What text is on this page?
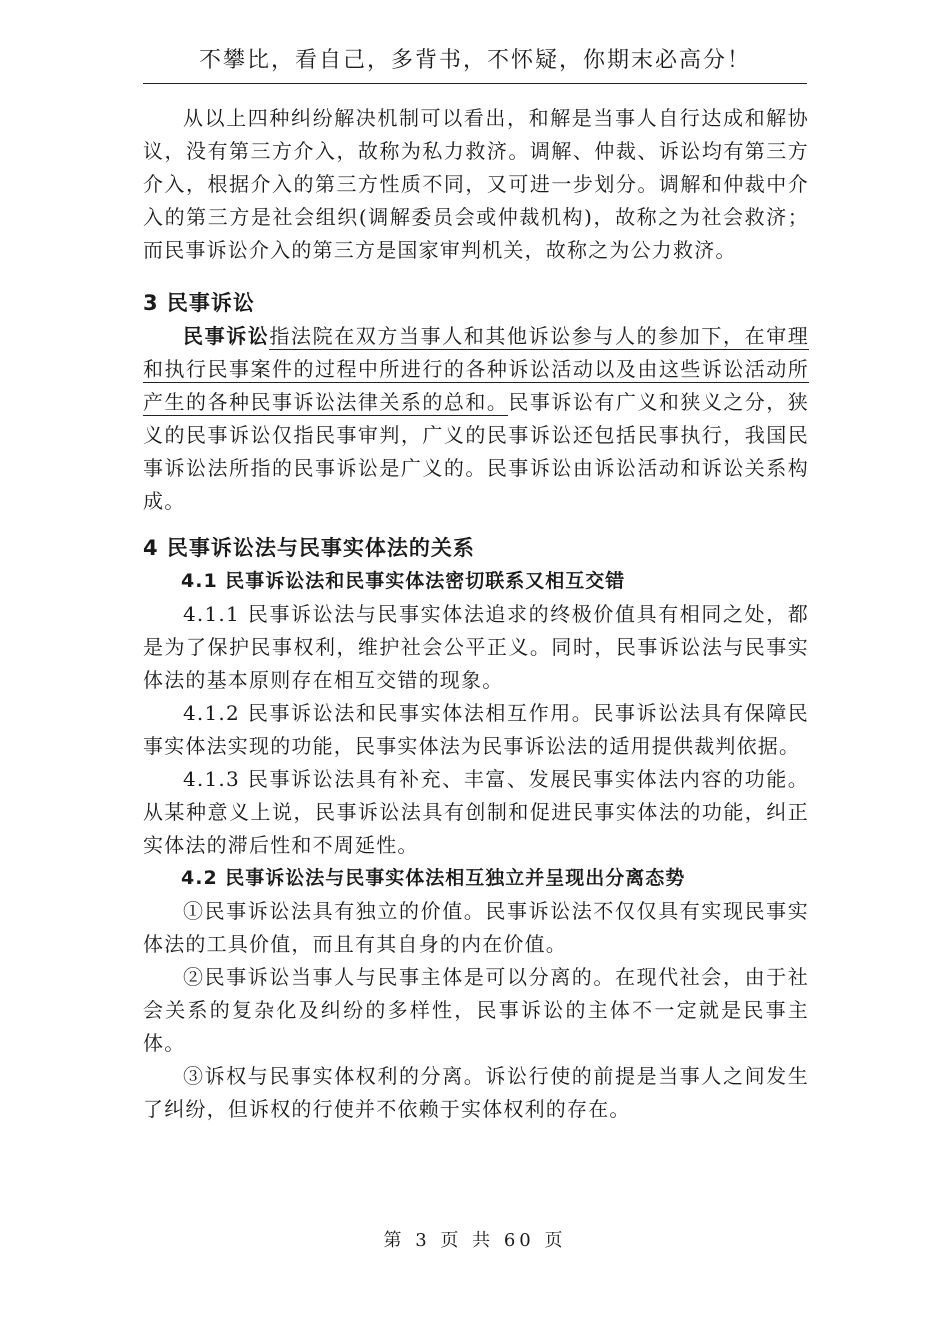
不攀比，看自己，多背书，不怀疑，你期末必高分！

从以上四种纠纷解决机制可以看出，和解是当事人自行达成和解协议，没有第三方介入，故称为私力救济。调解、仲裁、诉讼均有第三方介入，根据介入的第三方性质不同，又可进一步划分。调解和仲裁中介入的第三方是社会组织(调解委员会或仲裁机构)，故称之为社会救济；而民事诉讼介入的第三方是国家审判机关，故称之为公力救济。

3 民事诉讼

民事诉讼指法院在双方当事人和其他诉讼参与人的参加下，在审理和执行民事案件的过程中所进行的各种诉讼活动以及由这些诉讼活动所产生的各种民事诉讼法律关系的总和。民事诉讼有广义和狭义之分，狭义的民事诉讼仅指民事审判，广义的民事诉讼还包括民事执行，我国民事诉讼法所指的民事诉讼是广义的。民事诉讼由诉讼活动和诉讼关系构成。

4 民事诉讼法与民事实体法的关系
4.1 民事诉讼法和民事实体法密切联系又相互交错

4.1.1 民事诉讼法与民事实体法追求的终极价值具有相同之处，都是为了保护民事权利，维护社会公平正义。同时，民事诉讼法与民事实体法的基本原则存在相互交错的现象。

4.1.2 民事诉讼法和民事实体法相互作用。民事诉讼法具有保障民事实体法实现的功能，民事实体法为民事诉讼法的适用提供裁判依据。

4.1.3 民事诉讼法具有补充、丰富、发展民事实体法内容的功能。从某种意义上说，民事诉讼法具有创制和促进民事实体法的功能，纠正实体法的滞后性和不周延性。

4.2 民事诉讼法与民事实体法相互独立并呈现出分离态势

①民事诉讼法具有独立的价值。民事诉讼法不仅仅具有实现民事实体法的工具价值，而且有其自身的内在价值。

②民事诉讼当事人与民事主体是可以分离的。在现代社会，由于社会关系的复杂化及纠纷的多样性，民事诉讼的主体不一定就是民事主体。

③诉权与民事实体权利的分离。诉讼行使的前提是当事人之间发生了纠纷，但诉权的行使并不依赖于实体权利的存在。

第 3 页 共 60 页
